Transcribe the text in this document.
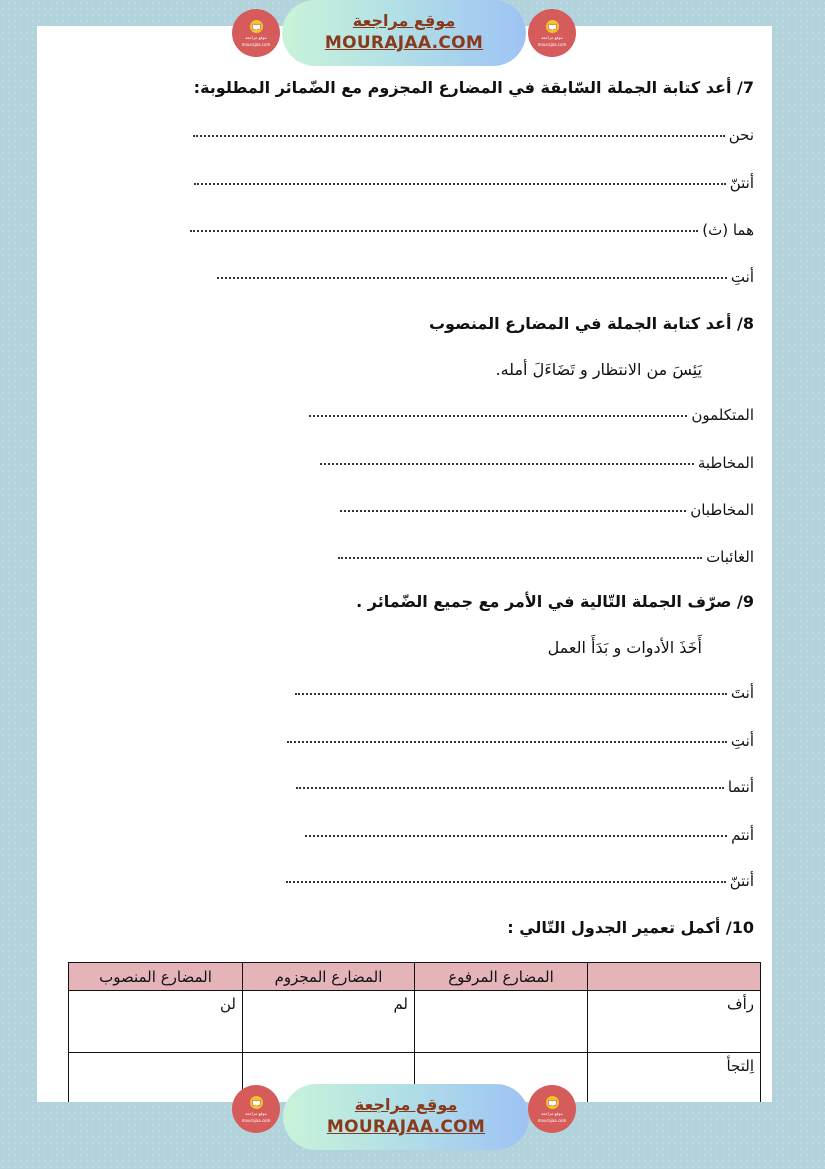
موقع مراجعة
mourajaa.com
موقع مراجعة
MOURAJAA.COM	موقع مراجعة
mourajaa.com
7/ أعد كتابة الجملة السّابقة في المضارع المجزوم مع الضّمائر المطلوبة:
نحن
أنتنّ
هما (ث)
أنتِ
8/ أعد كتابة الجملة في المضارع المنصوب
يَئِسَ من الانتظار و تَضَاءَلَ أمله.
المتكلمون
المخاطبة
المخاطبان
الغائبات
9/ صرّف الجملة التّالية في الأمر مع جميع الضّمائر .
أَخَذَ الأدوات و بَدَأَ العمل
أنتَ
أنتِ
أنتما
أنتم
أنتنّ
10/ أكمل تعمير الجدول التّالي :
	المضارع المرفوع	المضارع المجزوم	المضارع المنصوب
رأف		لم	لن
اِلتجأ			
موقع مراجعة
mourajaa.com
موقع مراجعة
MOURAJAA.COM
موقع مراجعة
mourajaa.com
